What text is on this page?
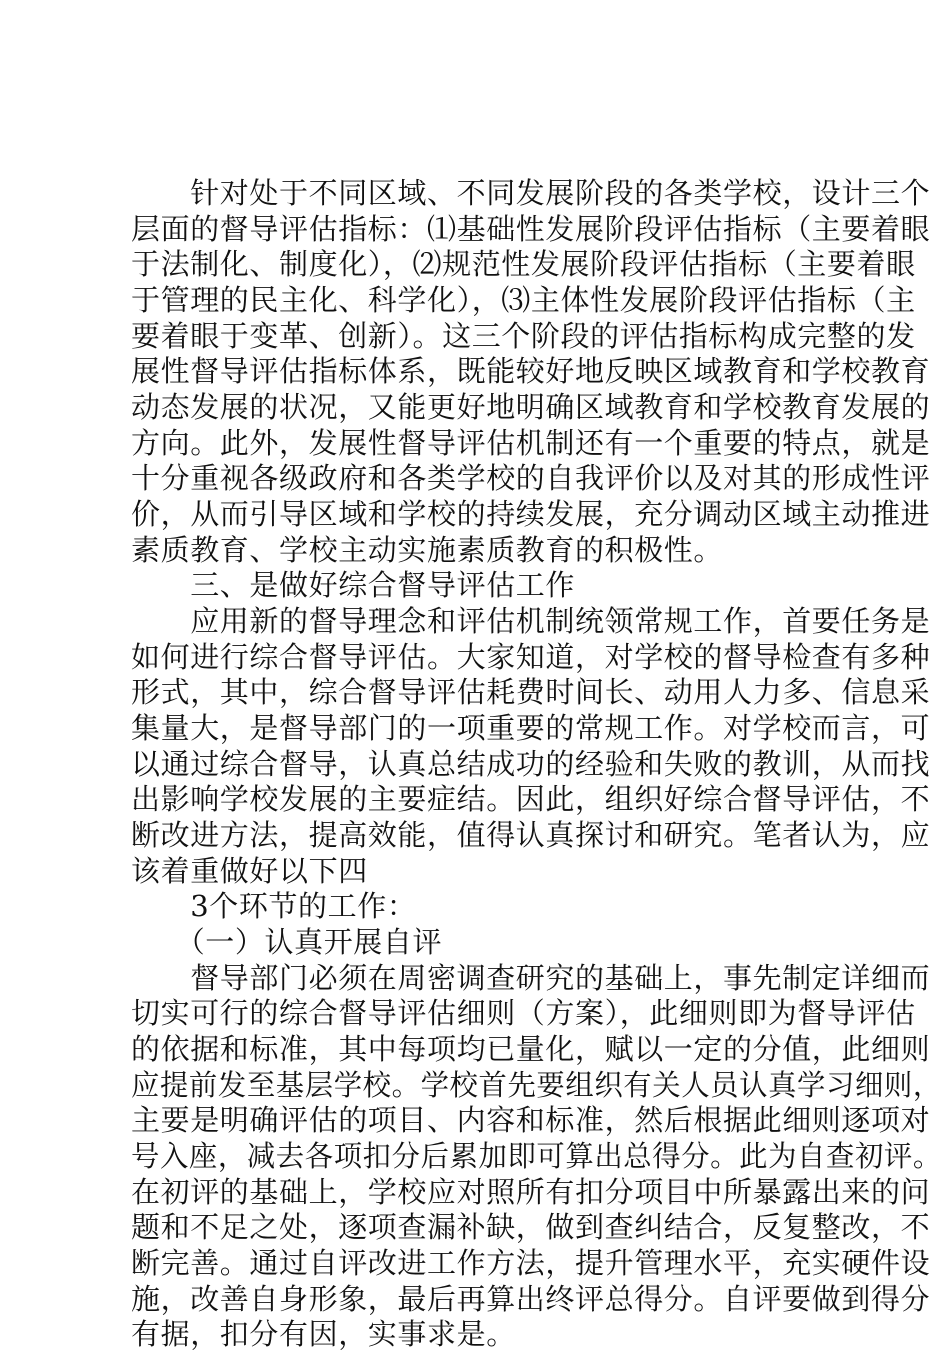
　　针对处于不同区域、不同发展阶段的各类学校，设计三个

层面的督导评估指标：⑴基础性发展阶段评估指标（主要着眼

于法制化、制度化），⑵规范性发展阶段评估指标（主要着眼

于管理的民主化、科学化），⑶主体性发展阶段评估指标（主

要着眼于变革、创新）。这三个阶段的评估指标构成完整的发

展性督导评估指标体系，既能较好地反映区域教育和学校教育

动态发展的状况，又能更好地明确区域教育和学校教育发展的

方向。此外，发展性督导评估机制还有一个重要的特点，就是

十分重视各级政府和各类学校的自我评价以及对其的形成性评

价，从而引导区域和学校的持续发展，充分调动区域主动推进

素质教育、学校主动实施素质教育的积极性。

　　三、是做好综合督导评估工作

　　应用新的督导理念和评估机制统领常规工作，首要任务是

如何进行综合督导评估。大家知道，对学校的督导检查有多种

形式，其中，综合督导评估耗费时间长、动用人力多、信息采

集量大，是督导部门的一项重要的常规工作。对学校而言，可

以通过综合督导，认真总结成功的经验和失败的教训，从而找

出影响学校发展的主要症结。因此，组织好综合督导评估，不

断改进方法，提高效能，值得认真探讨和研究。笔者认为，应

该着重做好以下四

　　3个环节的工作：

　　（一）认真开展自评

　　督导部门必须在周密调查研究的基础上，事先制定详细而

切实可行的综合督导评估细则（方案），此细则即为督导评估

的依据和标准，其中每项均已量化，赋以一定的分值，此细则

应提前发至基层学校。学校首先要组织有关人员认真学习细则，

主要是明确评估的项目、内容和标准，然后根据此细则逐项对

号入座，减去各项扣分后累加即可算出总得分。此为自查初评。

在初评的基础上，学校应对照所有扣分项目中所暴露出来的问

题和不足之处，逐项查漏补缺，做到查纠结合，反复整改，不

断完善。通过自评改进工作方法，提升管理水平，充实硬件设

施，改善自身形象，最后再算出终评总得分。自评要做到得分

有据，扣分有因，实事求是。
